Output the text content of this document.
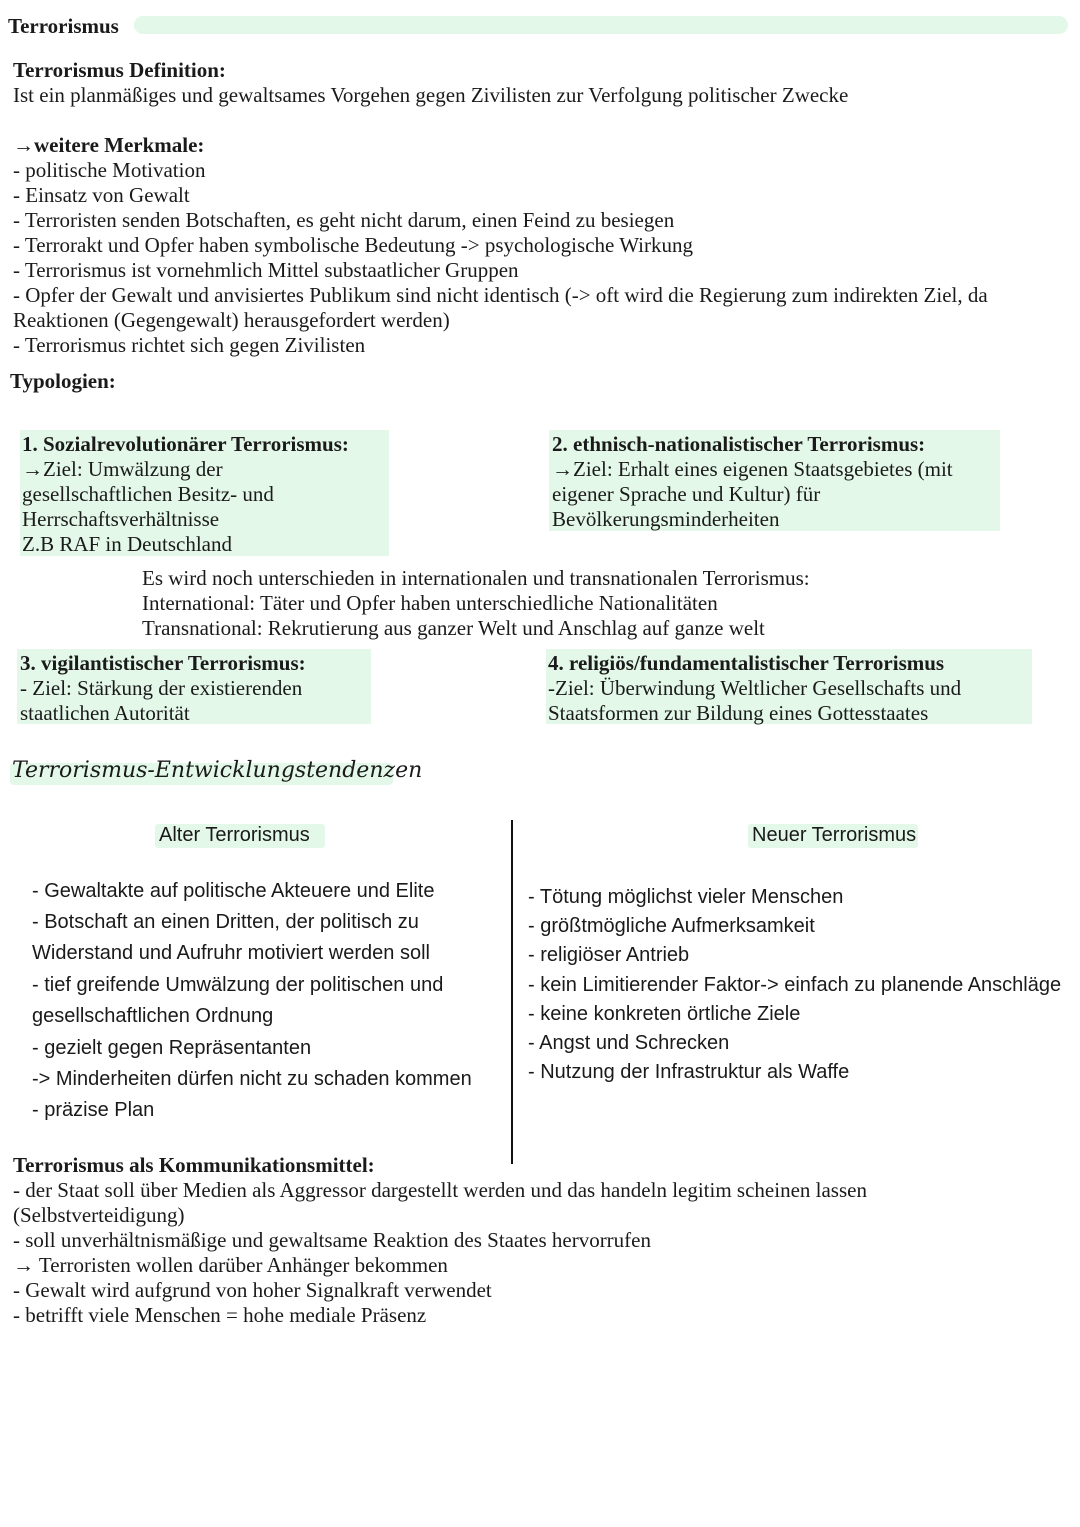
Terrorismus
Terrorismus Definition:
Ist ein planmäßiges und gewaltsames Vorgehen gegen Zivilisten zur Verfolgung politischer Zwecke
→weitere Merkmale:
- politische Motivation
- Einsatz von Gewalt
- Terroristen senden Botschaften, es geht nicht darum, einen Feind zu besiegen
- Terrorakt und Opfer haben symbolische Bedeutung -> psychologische Wirkung
- Terrorismus ist vornehmlich Mittel substaatlicher Gruppen
- Opfer der Gewalt und anvisiertes Publikum sind nicht identisch (-> oft wird die Regierung zum indirekten Ziel, da
Reaktionen (Gegengewalt) herausgefordert werden)
- Terrorismus richtet sich gegen Zivilisten
Typologien:
1. Sozialrevolutionärer Terrorismus:
→Ziel: Umwälzung der
gesellschaftlichen Besitz- und
Herrschaftsverhältnisse
Z.B RAF in Deutschland
2. ethnisch-nationalistischer Terrorismus:
→Ziel: Erhalt eines eigenen Staatsgebietes (mit
eigener Sprache und Kultur) für
Bevölkerungsminderheiten
Es wird noch unterschieden in internationalen und transnationalen Terrorismus:
International: Täter und Opfer haben unterschiedliche Nationalitäten
Transnational: Rekrutierung aus ganzer Welt und Anschlag auf ganze welt
3. vigilantistischer Terrorismus:
- Ziel: Stärkung der existierenden
staatlichen Autorität
4. religiös/fundamentalistischer Terrorismus
-Ziel: Überwindung Weltlicher Gesellschafts und
Staatsformen zur Bildung eines Gottesstaates
Terrorismus-Entwicklungstendenzen
Alter Terrorismus	Neuer Terrorismus
- Gewaltakte auf politische Akteuere und Elite
- Botschaft an einen Dritten, der politisch zu
Widerstand und Aufruhr motiviert werden soll
- tief greifende Umwälzung der politischen und
gesellschaftlichen Ordnung
- gezielt gegen Repräsentanten
-> Minderheiten dürfen nicht zu schaden kommen
- präzise Plan
- Tötung möglichst vieler Menschen
- größtmögliche Aufmerksamkeit
- religiöser Antrieb
- kein Limitierender Faktor-> einfach zu planende Anschläge
- keine konkreten örtliche Ziele
- Angst und Schrecken
- Nutzung der Infrastruktur als Waffe
Terrorismus als Kommunikationsmittel:
- der Staat soll über Medien als Aggressor dargestellt werden und das handeln legitim scheinen lassen
(Selbstverteidigung)
- soll unverhältnismäßige und gewaltsame Reaktion des Staates hervorrufen
→ Terroristen wollen darüber Anhänger bekommen
- Gewalt wird aufgrund von hoher Signalkraft verwendet
- betrifft viele Menschen = hohe mediale Präsenz
